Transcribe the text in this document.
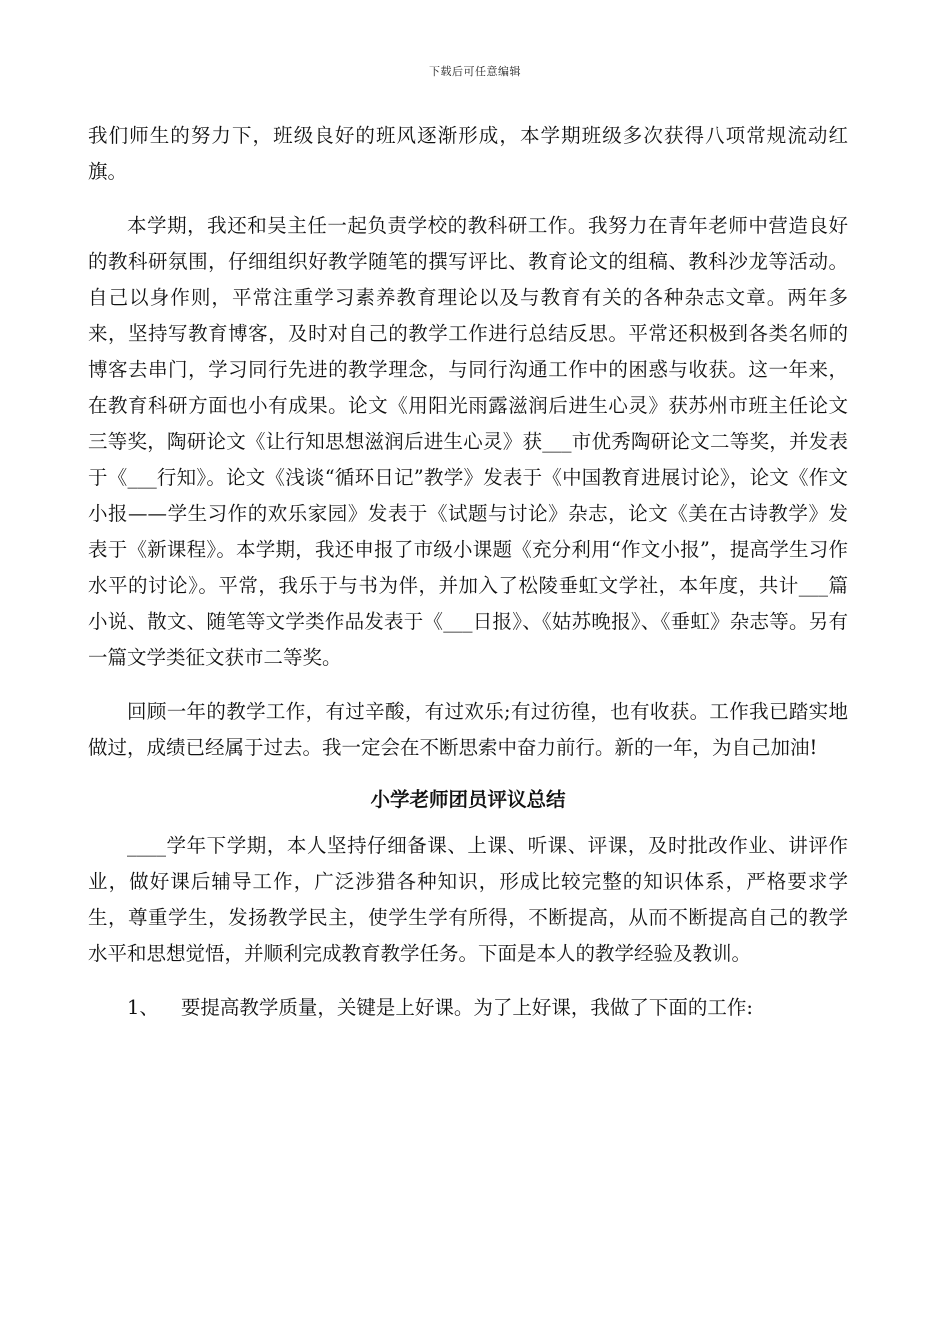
下载后可任意编辑

我们师生的努力下，班级良好的班风逐渐形成，本学期班级多次获得八项常规流动红旗。

本学期，我还和吴主任一起负责学校的教科研工作。我努力在青年老师中营造良好的教科研氛围，仔细组织好教学随笔的撰写评比、教育论文的组稿、教科沙龙等活动。自己以身作则，平常注重学习素养教育理论以及与教育有关的各种杂志文章。两年多来，坚持写教育博客，及时对自己的教学工作进行总结反思。平常还积极到各类名师的博客去串门，学习同行先进的教学理念，与同行沟通工作中的困惑与收获。这一年来，在教育科研方面也小有成果。论文《用阳光雨露滋润后进生心灵》获苏州市班主任论文三等奖，陶研论文《让行知思想滋润后进生心灵》获___市优秀陶研论文二等奖，并发表于《___行知》。论文《浅谈“循环日记”教学》发表于《中国教育进展讨论》，论文《作文小报——学生习作的欢乐家园》发表于《试题与讨论》杂志，论文《美在古诗教学》发表于《新课程》。本学期，我还申报了市级小课题《充分利用“作文小报”，提高学生习作水平的讨论》。平常，我乐于与书为伴，并加入了松陵垂虹文学社，本年度，共计___篇小说、散文、随笔等文学类作品发表于《___日报》、《姑苏晚报》、《垂虹》杂志等。另有一篇文学类征文获市二等奖。

回顾一年的教学工作，有过辛酸，有过欢乐;有过彷徨，也有收获。工作我已踏实地做过，成绩已经属于过去。我一定会在不断思索中奋力前行。新的一年，为自己加油!

小学老师团员评议总结

____学年下学期，本人坚持仔细备课、上课、听课、评课，及时批改作业、讲评作业，做好课后辅导工作，广泛涉猎各种知识，形成比较完整的知识体系，严格要求学生，尊重学生，发扬教学民主，使学生学有所得，不断提高，从而不断提高自己的教学水平和思想觉悟，并顺利完成教育教学任务。下面是本人的教学经验及教训。

1、 要提高教学质量，关键是上好课。为了上好课，我做了下面的工作:
